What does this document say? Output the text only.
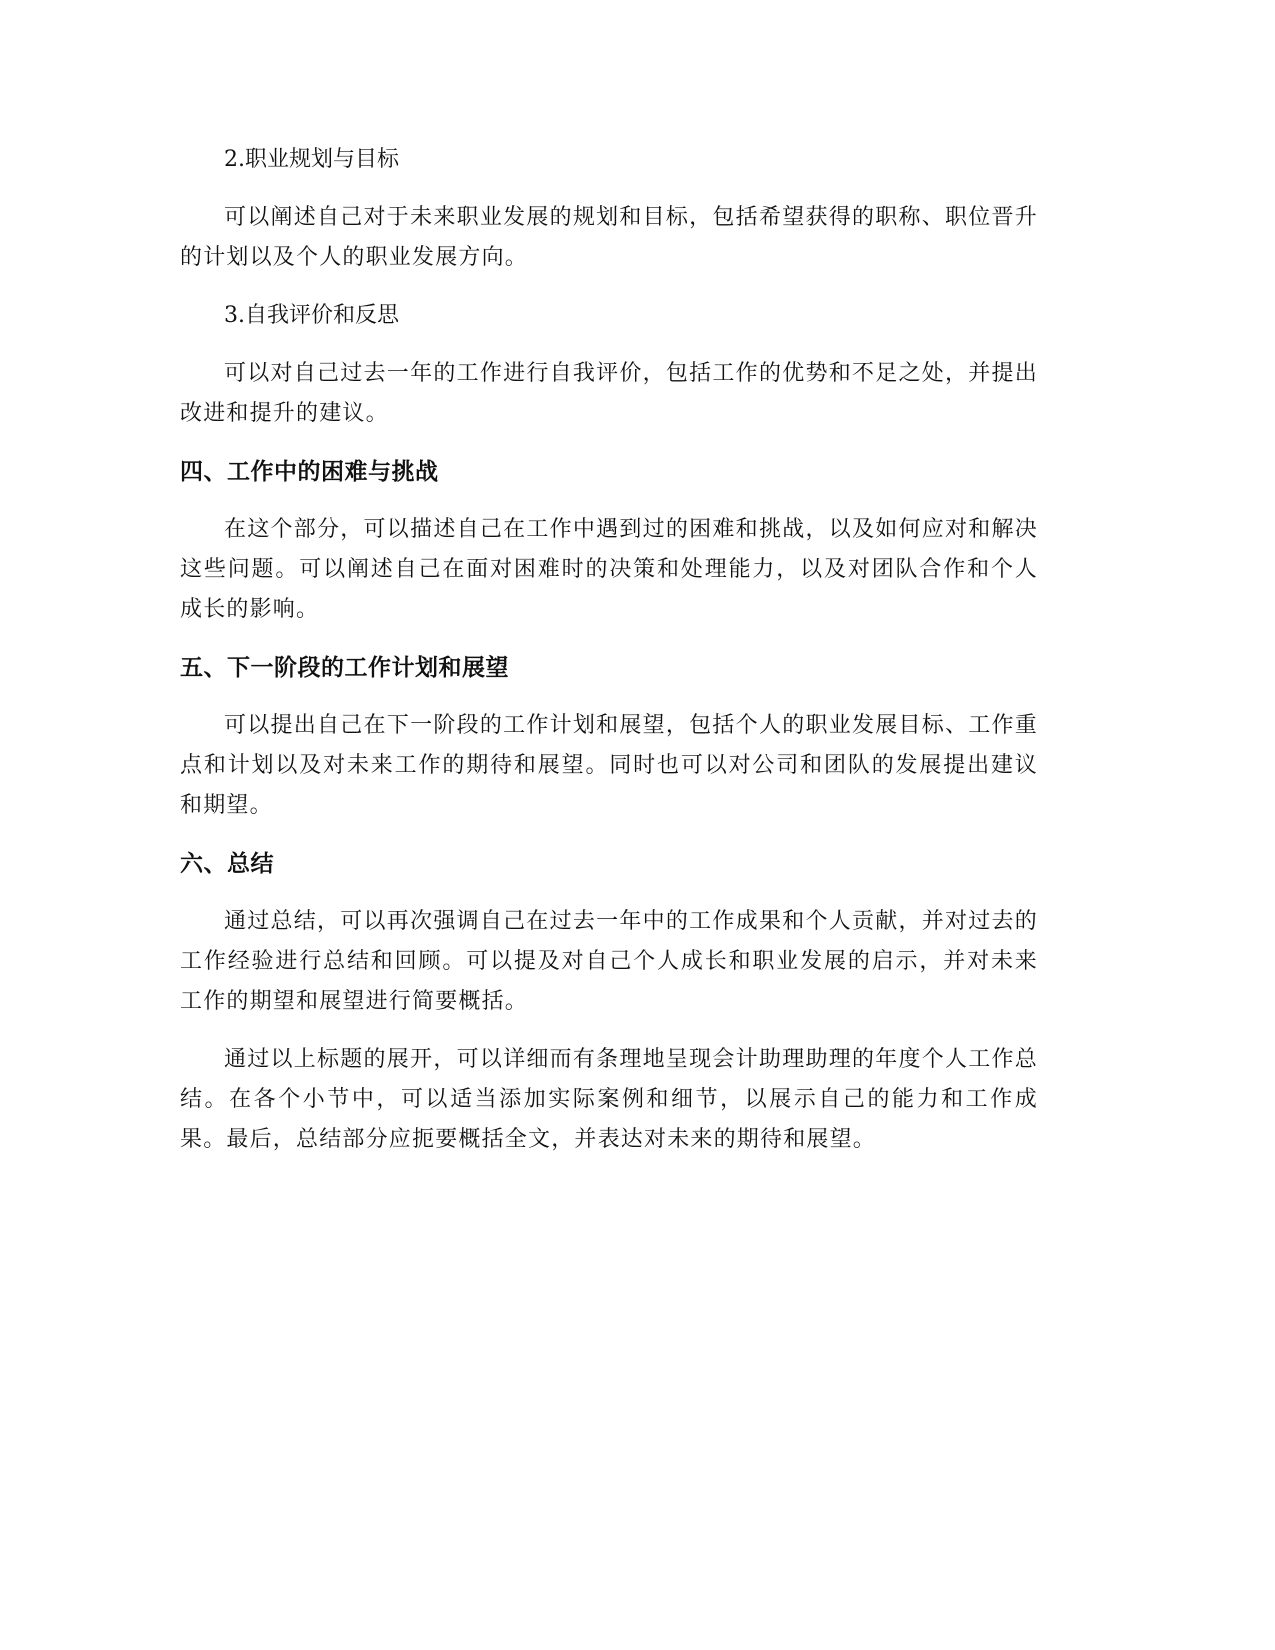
2.职业规划与目标

可以阐述自己对于未来职业发展的规划和目标，包括希望获得的职称、职位晋升的计划以及个人的职业发展方向。

3.自我评价和反思

可以对自己过去一年的工作进行自我评价，包括工作的优势和不足之处，并提出改进和提升的建议。

四、工作中的困难与挑战

在这个部分，可以描述自己在工作中遇到过的困难和挑战，以及如何应对和解决这些问题。可以阐述自己在面对困难时的决策和处理能力，以及对团队合作和个人成长的影响。

五、下一阶段的工作计划和展望

可以提出自己在下一阶段的工作计划和展望，包括个人的职业发展目标、工作重点和计划以及对未来工作的期待和展望。同时也可以对公司和团队的发展提出建议和期望。

六、总结

通过总结，可以再次强调自己在过去一年中的工作成果和个人贡献，并对过去的工作经验进行总结和回顾。可以提及对自己个人成长和职业发展的启示，并对未来工作的期望和展望进行简要概括。

通过以上标题的展开，可以详细而有条理地呈现会计助理助理的年度个人工作总结。在各个小节中，可以适当添加实际案例和细节，以展示自己的能力和工作成果。最后，总结部分应扼要概括全文，并表达对未来的期待和展望。
